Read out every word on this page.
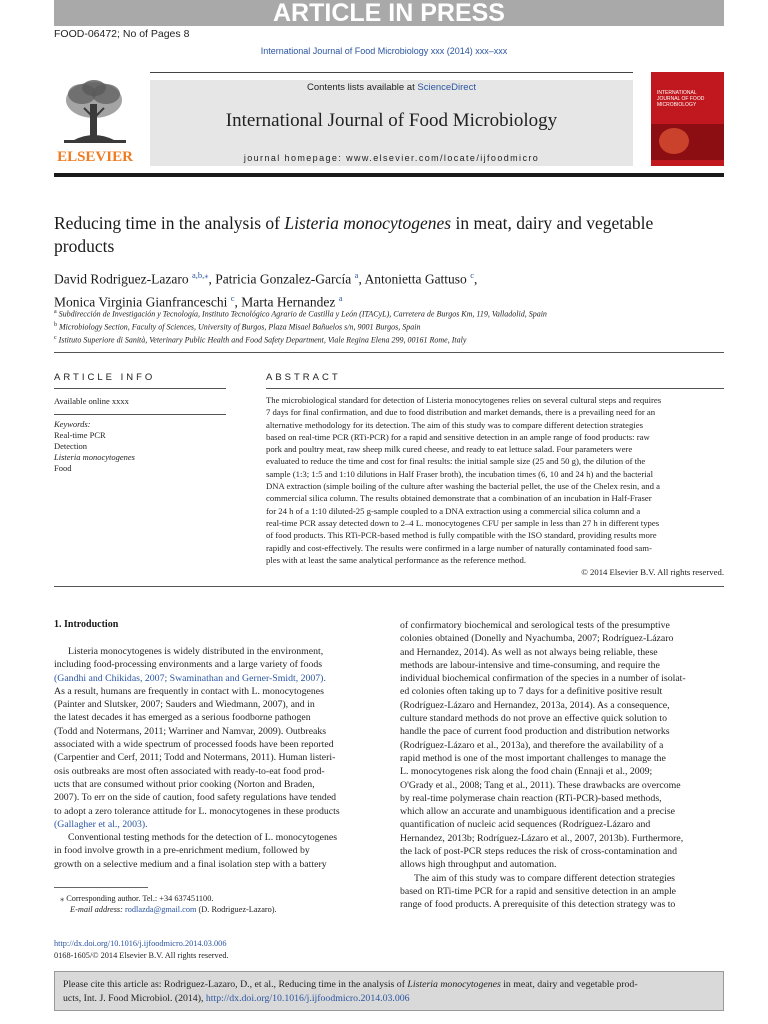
ARTICLE IN PRESS
FOOD-06472; No of Pages 8
International Journal of Food Microbiology xxx (2014) xxx–xxx
ELSEVIER
Contents lists available at ScienceDirect
International Journal of Food Microbiology
journal homepage: www.elsevier.com/locate/ijfoodmicro
INTERNATIONAL JOURNAL OF FOOD MICROBIOLOGY
Reducing time in the analysis of Listeria monocytogenes in meat, dairy and vegetable products
David Rodriguez-Lazaro $^{a,b,⁎}$, Patricia Gonzalez-García $^a$, Antonietta Gattuso $^c$,
Monica Virginia Gianfranceschi $^c$, Marta Hernandez $^a$
$^a$ Subdirección de Investigación y Tecnología, Instituto Tecnológico Agrario de Castilla y León (ITACyL), Carretera de Burgos Km, 119, Valladolid, Spain
$^b$ Microbiology Section, Faculty of Sciences, University of Burgos, Plaza Misael Bañuelos s/n, 9001 Burgos, Spain
$^c$ Istituto Superiore di Sanità, Veterinary Public Health and Food Safety Department, Viale Regina Elena 299, 00161 Rome, Italy
ARTICLE INFO
Available online xxxx
Keywords:
Real-time PCR
Detection
Listeria monocytogenes
Food
ABSTRACT
The microbiological standard for detection of Listeria monocytogenes relies on several cultural steps and requires
7 days for final confirmation, and due to food distribution and market demands, there is a prevailing need for an
alternative methodology for its detection. The aim of this study was to compare different detection strategies
based on real-time PCR (RTi-PCR) for a rapid and sensitive detection in an ample range of food products: raw
pork and poultry meat, raw sheep milk cured cheese, and ready to eat lettuce salad. Four parameters were
evaluated to reduce the time and cost for final results: the initial sample size (25 and 50 g), the dilution of the
sample (1:3; 1:5 and 1:10 dilutions in Half Fraser broth), the incubation times (6, 10 and 24 h) and the bacterial
DNA extraction (simple boiling of the culture after washing the bacterial pellet, the use of the Chelex resin, and a
commercial silica column. The results obtained demonstrate that a combination of an incubation in Half-Fraser
for 24 h of a 1:10 diluted-25 g-sample coupled to a DNA extraction using a commercial silica column and a
real-time PCR assay detected down to 2–4 L. monocytogenes CFU per sample in less than 27 h in different types
of food products. This RTi-PCR-based method is fully compatible with the ISO standard, providing results more
rapidly and cost-effectively. The results were confirmed in a large number of naturally contaminated food sam-
ples with at least the same analytical performance as the reference method.
© 2014 Elsevier B.V. All rights reserved.
1. Introduction
Listeria monocytogenes is widely distributed in the environment,
including food-processing environments and a large variety of foods
(Gandhi and Chikidas, 2007; Swaminathan and Gerner-Smidt, 2007).
As a result, humans are frequently in contact with L. monocytogenes
(Painter and Slutsker, 2007; Sauders and Wiedmann, 2007), and in
the latest decades it has emerged as a serious foodborne pathogen
(Todd and Notermans, 2011; Warriner and Namvar, 2009). Outbreaks
associated with a wide spectrum of processed foods have been reported
(Carpentier and Cerf, 2011; Todd and Notermans, 2011). Human listeri-
osis outbreaks are most often associated with ready-to-eat food prod-
ucts that are consumed without prior cooking (Norton and Braden,
2007). To err on the side of caution, food safety regulations have tended
to adopt a zero tolerance attitude for L. monocytogenes in these products
(Gallagher et al., 2003).
Conventional testing methods for the detection of L. monocytogenes
in food involve growth in a pre-enrichment medium, followed by
growth on a selective medium and a final isolation step with a battery
of confirmatory biochemical and serological tests of the presumptive
colonies obtained (Donelly and Nyachumba, 2007; Rodríguez-Lázaro
and Hernandez, 2014). As well as not always being reliable, these
methods are labour-intensive and time-consuming, and require the
individual biochemical confirmation of the species in a number of isolat-
ed colonies often taking up to 7 days for a definitive positive result
(Rodríguez-Lázaro and Hernandez, 2013a, 2014). As a consequence,
culture standard methods do not prove an effective quick solution to
handle the pace of current food production and distribution networks
(Rodríguez-Lázaro et al., 2013a), and therefore the availability of a
rapid method is one of the most important challenges to manage the
L. monocytogenes risk along the food chain (Ennaji et al., 2009;
O'Grady et al., 2008; Tang et al., 2011). These drawbacks are overcome
by real-time polymerase chain reaction (RTi-PCR)-based methods,
which allow an accurate and unambiguous identification and a precise
quantification of nucleic acid sequences (Rodríguez-Lázaro and
Hernandez, 2013b; Rodríguez-Lázaro et al., 2007, 2013b). Furthermore,
the lack of post-PCR steps reduces the risk of cross-contamination and
allows high throughput and automation.
The aim of this study was to compare different detection strategies
based on RTi-time PCR for a rapid and sensitive detection in an ample
range of food products. A prerequisite of this detection strategy was to
⁎ Corresponding author. Tel.: +34 637451100.
E-mail address: rodlazda@gmail.com (D. Rodriguez-Lazaro).
http://dx.doi.org/10.1016/j.ijfoodmicro.2014.03.006
0168-1605/© 2014 Elsevier B.V. All rights reserved.
Please cite this article as: Rodriguez-Lazaro, D., et al., Reducing time in the analysis of Listeria monocytogenes in meat, dairy and vegetable prod-
ucts, Int. J. Food Microbiol. (2014), http://dx.doi.org/10.1016/j.ijfoodmicro.2014.03.006
